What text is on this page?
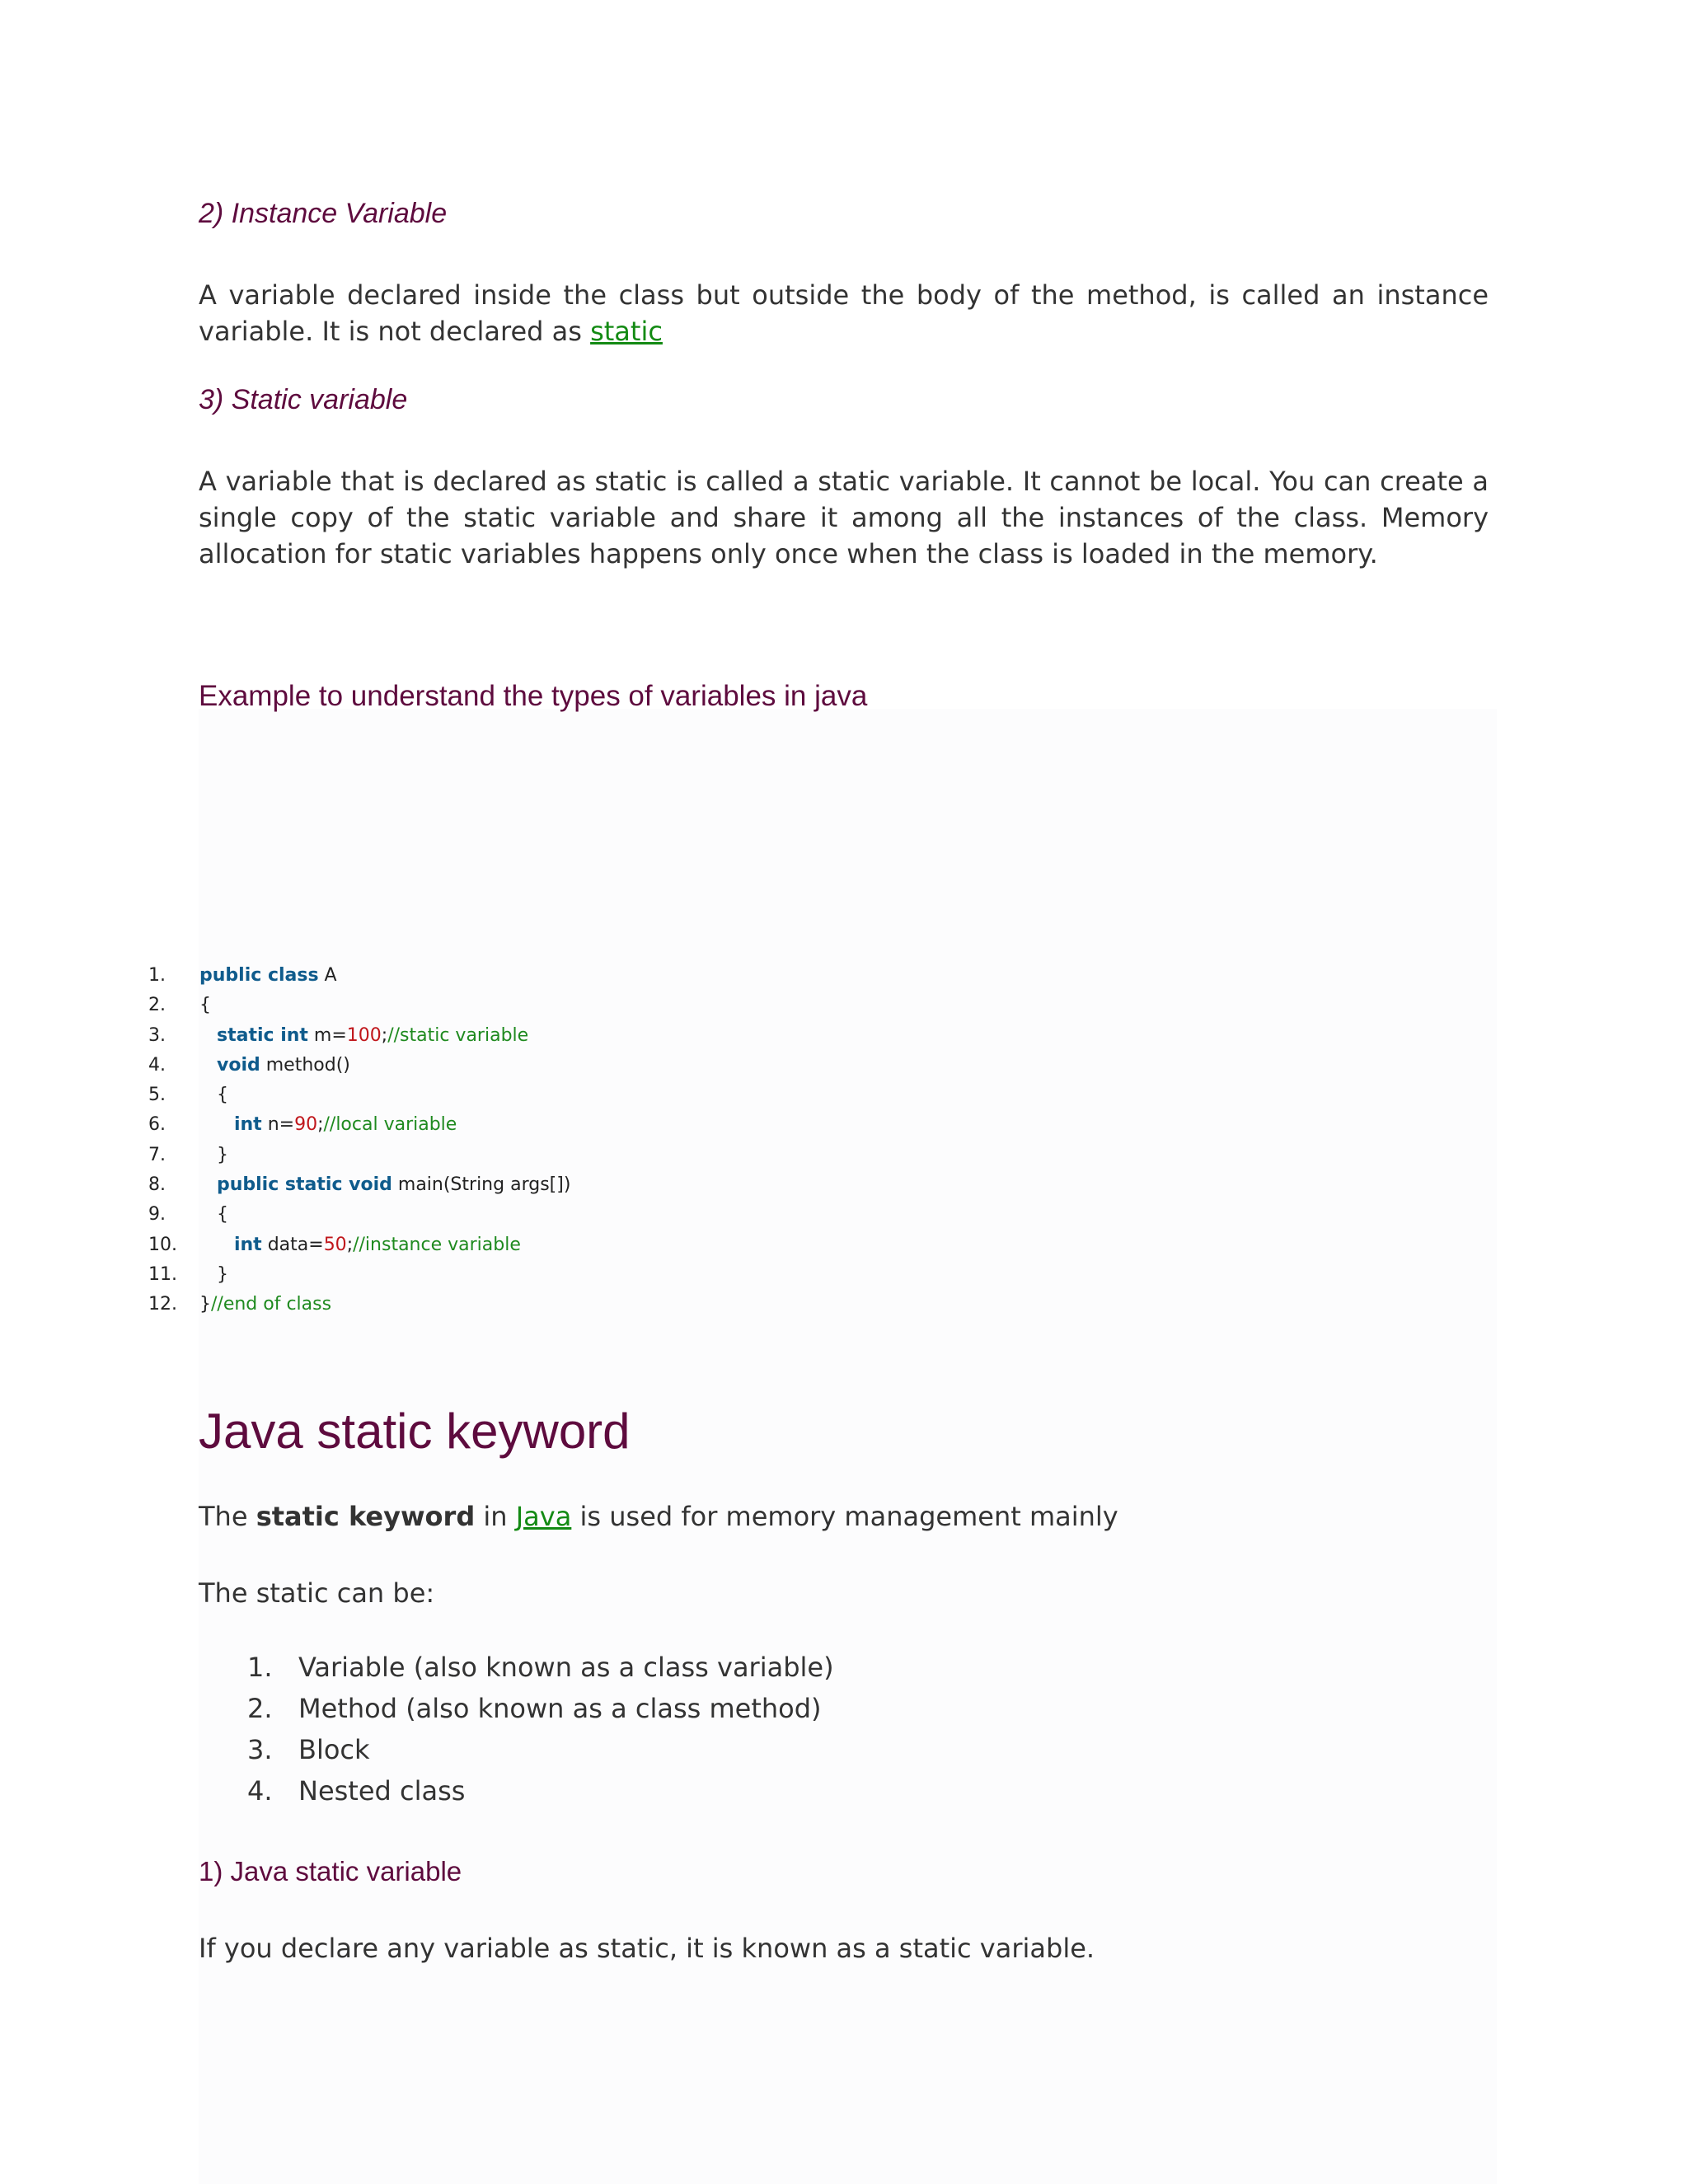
2) Instance Variable

A variable declared inside the class but outside the body of the method, is called an instance variable. It is not declared as static

3) Static variable

A variable that is declared as static is called a static variable. It cannot be local. You can create a single copy of the static variable and share it among all the instances of the class. Memory allocation for static variables happens only once when the class is loaded in the memory.

Example to understand the types of variables in java
1. public class A
2. {
3.	static int m=100;//static variable
4.	void method()
5.	{
6.	int n=90;//local variable
7.	}
8.	public static void main(String args[])
9.	{
10.	int data=50;//instance variable
11. }
12. }//end of class
Java static keyword

The static keyword in Java is used for memory management mainly

The static can be:

1. Variable (also known as a class variable)
2. Method (also known as a class method)
3. Block
4. Nested class
1) Java static variable

If you declare any variable as static, it is known as a static variable.
